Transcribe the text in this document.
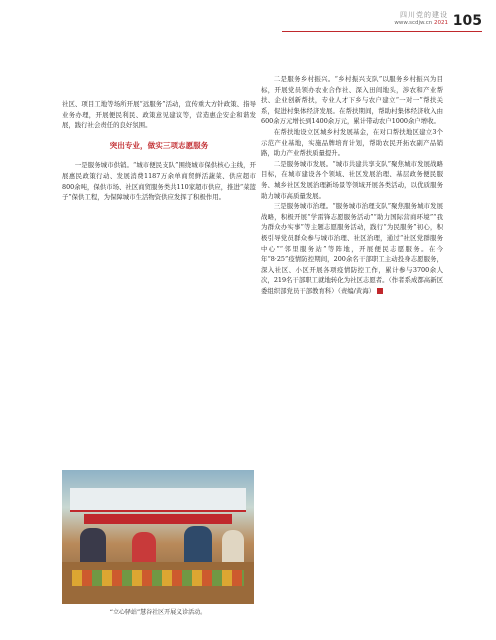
四川党的建设
www.scdjw.cn 2021 105

社区、项目工地等场所开展“远服务”活动，宣传重大方针政策、指导业务办理，开展便民利民、政策意见建议等，营造惠企安企和谐发展，践行社会责任的良好氛围。

突出专业，做实三项志愿服务

一是服务城市供销。“城市便民支队”围绕城市保供核心主线，开展惠民政策行动、发展消费1187万余单商贸鲜活蔬菜、供应超市800余吨，保供市场、社区商贸服务类共110家超市供应，推进“菜篮子”保供工程，为保障城市生活物资供应发挥了积极作用。

“立心驿站”慧谷社区开展义诊活动。

二是服务乡村振兴。“乡村振兴支队”以服务乡村振兴为目标，开展党员领办农业合作社、深入田间地头，涉农和产业帮扶、企业创新帮扶，专业人才下乡与农户建立“一对一”帮扶关系，促进村集体经济发展。在帮扶期间，帮助村集体经济收入由600余万元增长到1400余万元，累计带动农户1000余户增收。

在帮扶地设立区城乡村发展基金，在对口帮扶地区建立3个示范产业基地，实施品牌培育计划，帮助农民开拓农副产品销路，助力产业帮扶质量提升。

二是服务城市发展。“城市共建共享支队”聚焦城市发展战略目标，在城市建设各个领域、社区发展治理、基层政务便民服务、城乡社区发展治理新场景等领域开展各类活动，以优质服务助力城市高质量发展。

三是服务城市治理。“服务城市治理支队”聚焦服务城市发展战略，积极开展“学雷锋志愿服务活动”“助力国际营商环境”“我为群众办实事”等主题志愿服务活动，践行“为民服务”初心，积极引导党员群众参与城市治理、社区治理，通过“社区党群服务中心”“邻里服务站”等阵地，开展便民志愿服务。在今年“8·25”疫情防控期间，200余名干部职工主动投身志愿服务，深入社区、小区开展各项疫情防控工作，累计参与3700余人次，219名干部职工就地转化为社区志愿者。（作者系成都高新区委组织部党员干部教育科）（责编/黄海）
